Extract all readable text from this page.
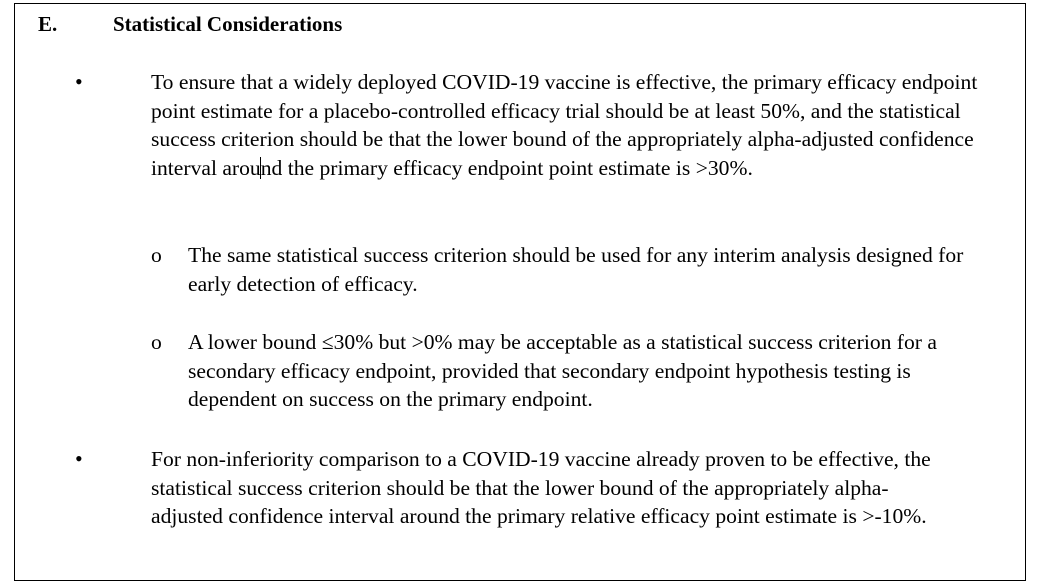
E.	Statistical Considerations
•	To ensure that a widely deployed COVID-19 vaccine is effective, the primary efficacy endpoint point estimate for a placebo-controlled efficacy trial should be at least 50%, and the statistical success criterion should be that the lower bound of the appropriately alpha-adjusted confidence interval around the primary efficacy endpoint point estimate is >30%.

o The same statistical success criterion should be used for any interim analysis designed for early detection of efficacy.

o A lower bound ≤30% but >0% may be acceptable as a statistical success criterion for a secondary efficacy endpoint, provided that secondary endpoint hypothesis testing is dependent on success on the primary endpoint.

•	For non-inferiority comparison to a COVID-19 vaccine already proven to be effective, the statistical success criterion should be that the lower bound of the appropriately alpha-adjusted confidence interval around the primary relative efficacy point estimate is >-10%.
